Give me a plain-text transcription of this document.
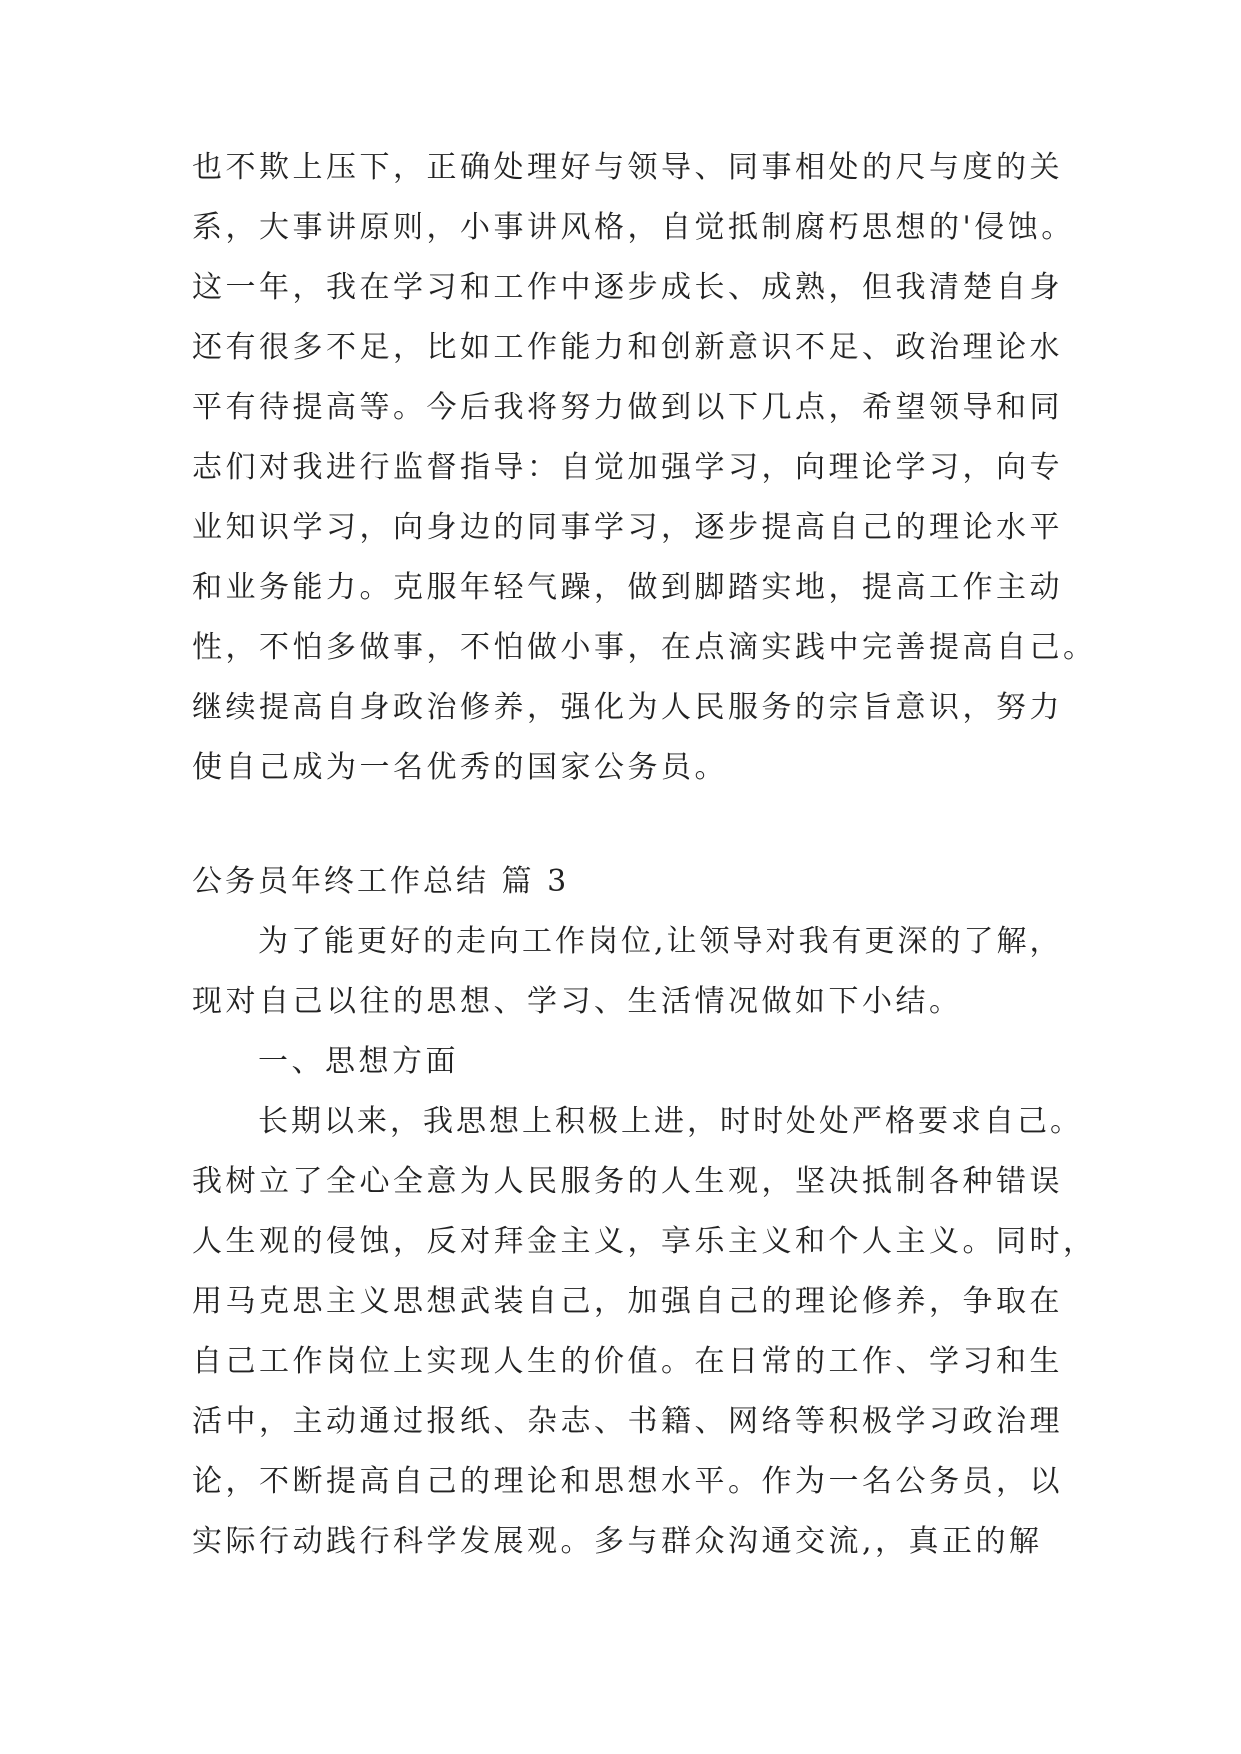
也不欺上压下，正确处理好与领导、同事相处的尺与度的关
系，大事讲原则，小事讲风格，自觉抵制腐朽思想的'侵蚀。
这一年，我在学习和工作中逐步成长、成熟，但我清楚自身
还有很多不足，比如工作能力和创新意识不足、政治理论水
平有待提高等。今后我将努力做到以下几点，希望领导和同
志们对我进行监督指导：自觉加强学习，向理论学习，向专
业知识学习，向身边的同事学习，逐步提高自己的理论水平
和业务能力。克服年轻气躁，做到脚踏实地，提高工作主动
性，不怕多做事，不怕做小事，在点滴实践中完善提高自己。
继续提高自身政治修养，强化为人民服务的宗旨意识，努力
使自己成为一名优秀的国家公务员。
公务员年终工作总结 篇 3
为了能更好的走向工作岗位,让领导对我有更深的了解，
现对自己以往的思想、学习、生活情况做如下小结。
一、思想方面
长期以来，我思想上积极上进，时时处处严格要求自己。
我树立了全心全意为人民服务的人生观，坚决抵制各种错误
人生观的侵蚀，反对拜金主义，享乐主义和个人主义。同时，
用马克思主义思想武装自己，加强自己的理论修养，争取在
自己工作岗位上实现人生的价值。在日常的工作、学习和生
活中，主动通过报纸、杂志、书籍、网络等积极学习政治理
论，不断提高自己的理论和思想水平。作为一名公务员，以
实际行动践行科学发展观。多与群众沟通交流,，真正的解
